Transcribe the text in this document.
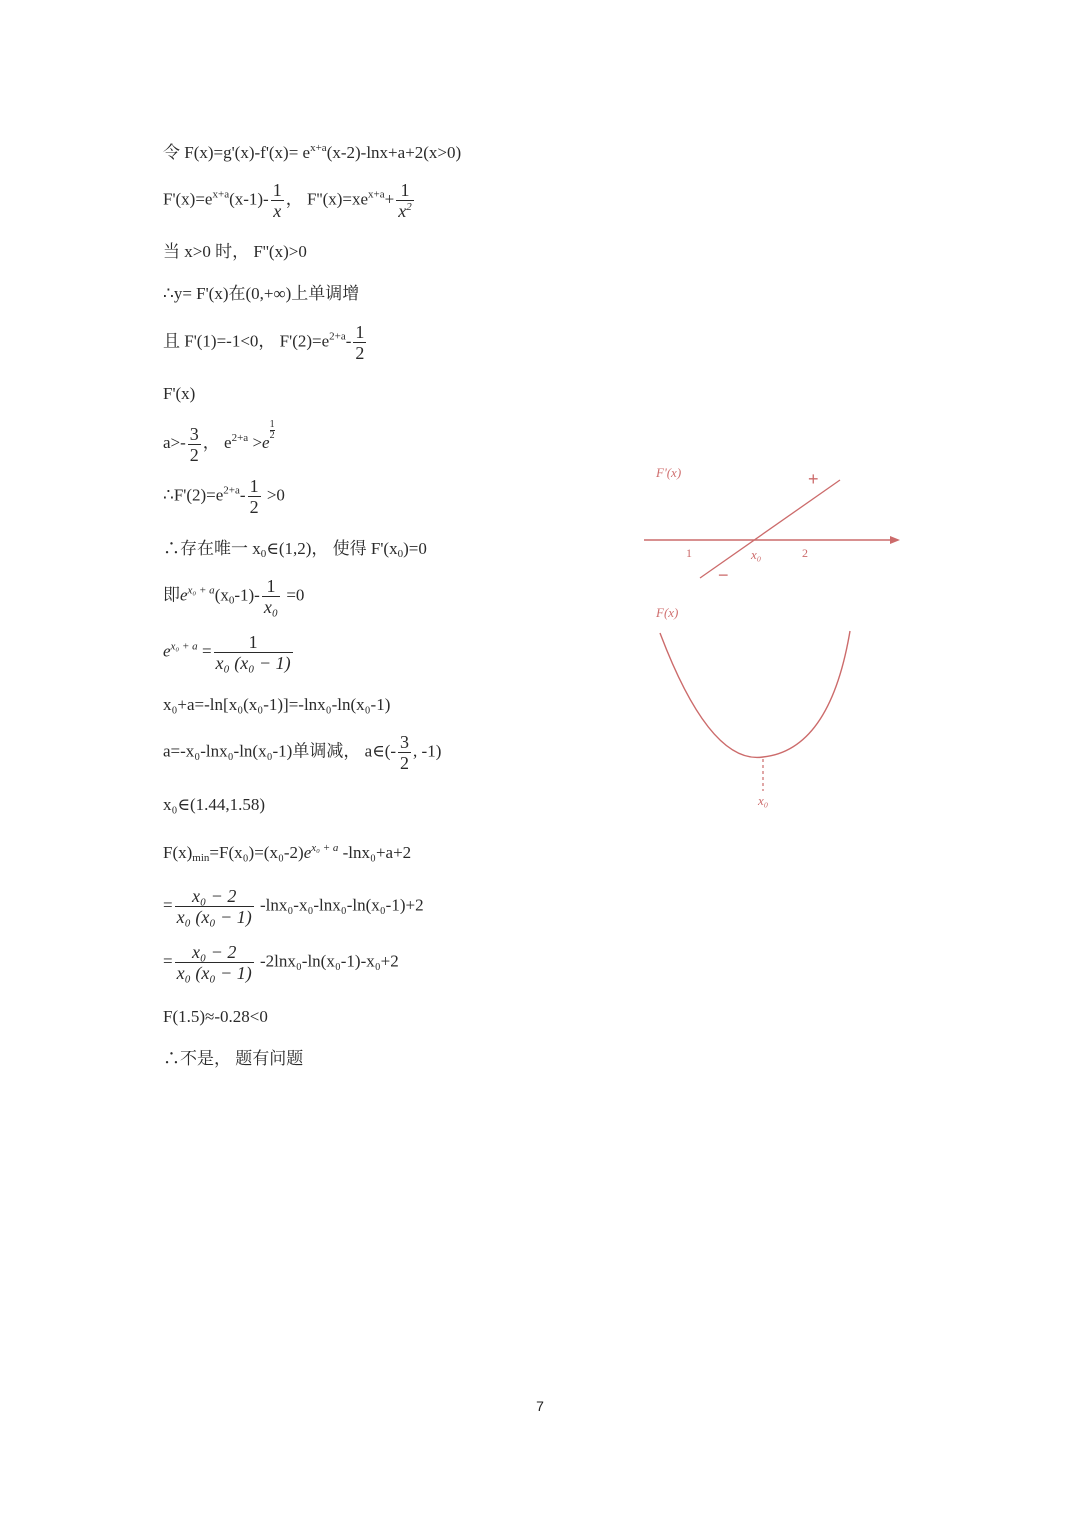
令 $F(x)=g'(x)-f'(x)= e^{x+a}(x-2)-\ln x+a+2(x>0)$
$F'(x)=e^{x+a}(x-1)- \frac{1}{x}$ ， $F''(x)=xe^{x+a}+ \frac{1}{x^2}$
当 x>0 时， F''(x)>0
∴y= F'(x)在(0,+∞)上单调增
且 F'(1)=-1<0， $F'(2)=e^{2+a}- \frac{1}{2}$
F'(x)
$a>- \frac{3}{2}$ ， $e^{2+a} >e$
$\frac{1}{2}$
$\therefore F'(2)=e^{2+a}- \frac{1}{2} >0$
∴存在唯一 $x_0\in(1,2)$， 使得 $F'(x_0)=0$
即$e^{x_0 + a}(x_0-1)- \frac{1}{\text{x₀}} =0$
$e^{x_0 + a} = \frac{1}{\text{x₀ (x₀ − 1)}}$
x₀+a=-ln[x₀(x₀-1)]=-lnx₀-ln(x₀-1)
a=-x₀-lnx₀-ln(x₀-1)单调减， a∈(- $\frac{3}{2}$ , -1)
x₀∈(1.44,1.58)
$F(x)_{min}=F(x_0)=(x_0-2)e^{x_0 + a}$ -lnx₀+a+2
= $\frac{\text{x₀ − 2}}{\text{x₀ (x₀ − 1)}} -\ln x_0-x_0-\ln x_0-\ln(x_0-1)+2$
= $\frac{\text{x₀ − 2}}{\text{x₀ (x₀ − 1)}} -2\ln x_0-\ln(x_0-1)-x_0+2$
F(1.5)≈-0.28<0
∴不是， 题有问题
F'(x)	+
−
1	x₀	2
F(x)
x₀
7
